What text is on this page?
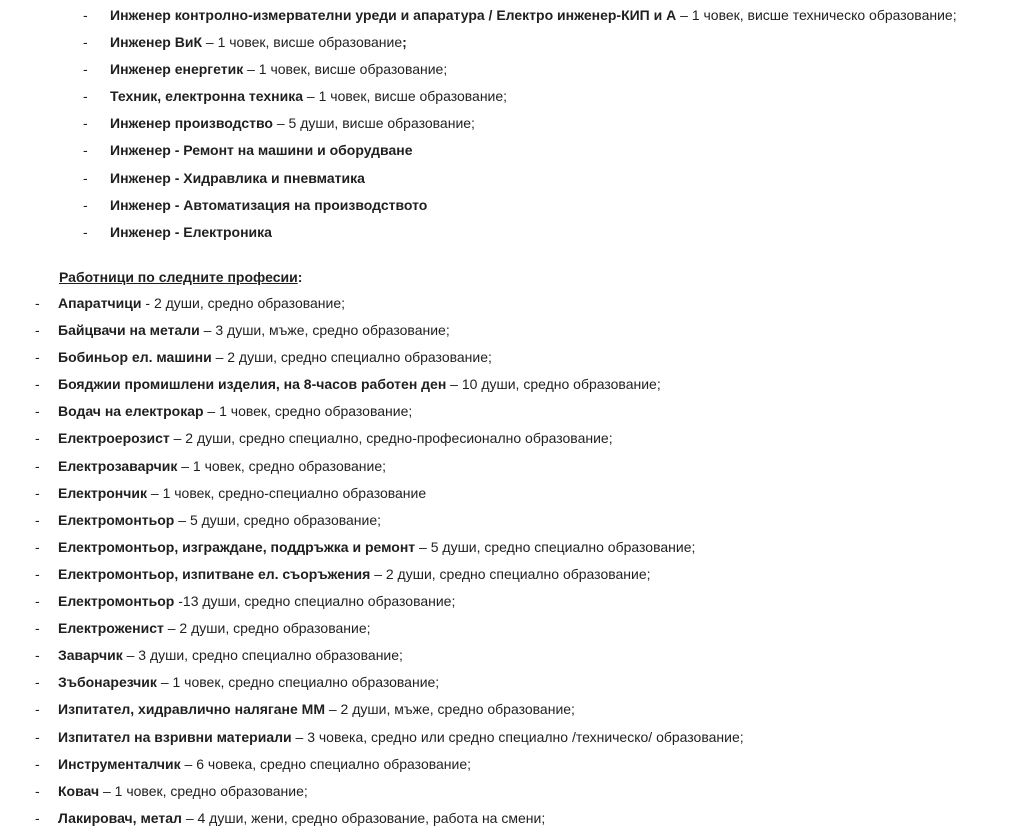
- Инженер контролно-измервателни уреди и апаратура / Електро инженер-КИП и А – 1 човек, висше техническо образование;
- Инженер ВиК – 1 човек, висше образование;
- Инженер енергетик – 1 човек, висше образование;
- Техник, електронна техника – 1 човек, висше образование;
- Инженер производство – 5 души, висше образование;
- Инженер - Ремонт на машини и оборудване
- Инженер - Хидравлика и пневматика
- Инженер - Автоматизация на производството
- Инженер - Електроника
Работници по следните професии:
- Апаратчици - 2 души, средно образование;
- Байцвачи на метали – 3 души, мъже, средно образование;
- Бобиньор ел. машини – 2 души, средно специално образование;
- Бояджии промишлени изделия, на 8-часов работен ден – 10 души, средно образование;
- Водач на електрокар – 1 човек, средно образование;
- Електроерозист – 2 души, средно специално, средно-професионално образование;
- Електрозаварчик – 1 човек, средно образование;
- Електрончик – 1 човек, средно-специално образование
- Електромонтьор – 5 души, средно образование;
- Електромонтьор, изграждане, поддръжка и ремонт – 5 души, средно специално образование;
- Електромонтьор, изпитване ел. съоръжения – 2 души, средно специално образование;
- Електромонтьор -13 души, средно специално образование;
- Електроженист – 2 души, средно образование;
- Заварчик – 3 души, средно специално образование;
- Зъбонарезчик – 1 човек, средно специално образование;
- Изпитател, хидравлично налягане ММ – 2 души, мъже, средно образование;
- Изпитател на взривни материали – 3 човека, средно или средно специално /техническо/ образование;
- Инструменталчик – 6 човека, средно специално образование;
- Ковач – 1 човек, средно образование;
- Лакировач, метал – 4 души, жени, средно образование, работа на смени;
